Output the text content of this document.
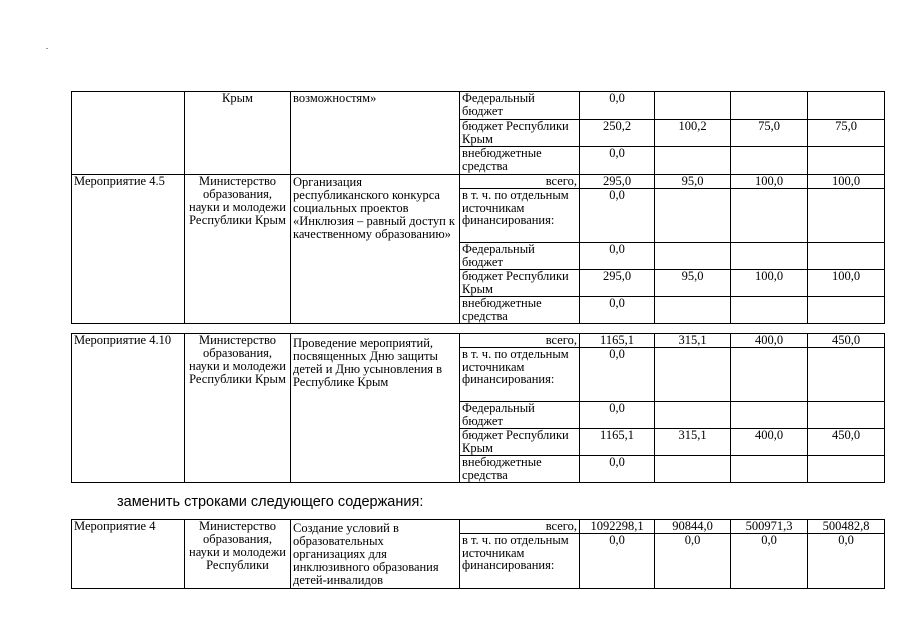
	Крым	возможностям»	Федеральный бюджет	0,0			
			бюджет Республики Крым	250,2	100,2	75,0	75,0
			внебюджетные средства	0,0			
Мероприятие 4.5	Министерство образования, науки и молодежи Республики Крым	Организация республиканского конкурса социальных проектов «Инклюзия – равный доступ к качественному образованию»	всего,	295,0	95,0	100,0	100,0
			в т. ч. по отдельным источникам финансирования:	0,0			
			Федеральный бюджет	0,0			
			бюджет Республики Крым	295,0	95,0	100,0	100,0
			внебюджетные средства	0,0			
Мероприятие 4.10	Министерство образования, науки и молодежи Республики Крым	Проведение мероприятий, посвященных Дню защиты детей и Дню усыновления в Республике Крым	всего,	1165,1	315,1	400,0	450,0
			в т. ч. по отдельным источникам финансирования:	0,0			
			Федеральный бюджет	0,0			
			бюджет Республики Крым	1165,1	315,1	400,0	450,0
			внебюджетные средства	0,0			
заменить строками следующего содержания:
Мероприятие 4	Министерство образования, науки и молодежи Республики	Создание условий в образовательных организациях для инклюзивного образования детей-инвалидов	всего,	1092298,1	90844,0	500971,3	500482,8
			в т. ч. по отдельным источникам финансирования:	0,0	0,0	0,0	0,0
